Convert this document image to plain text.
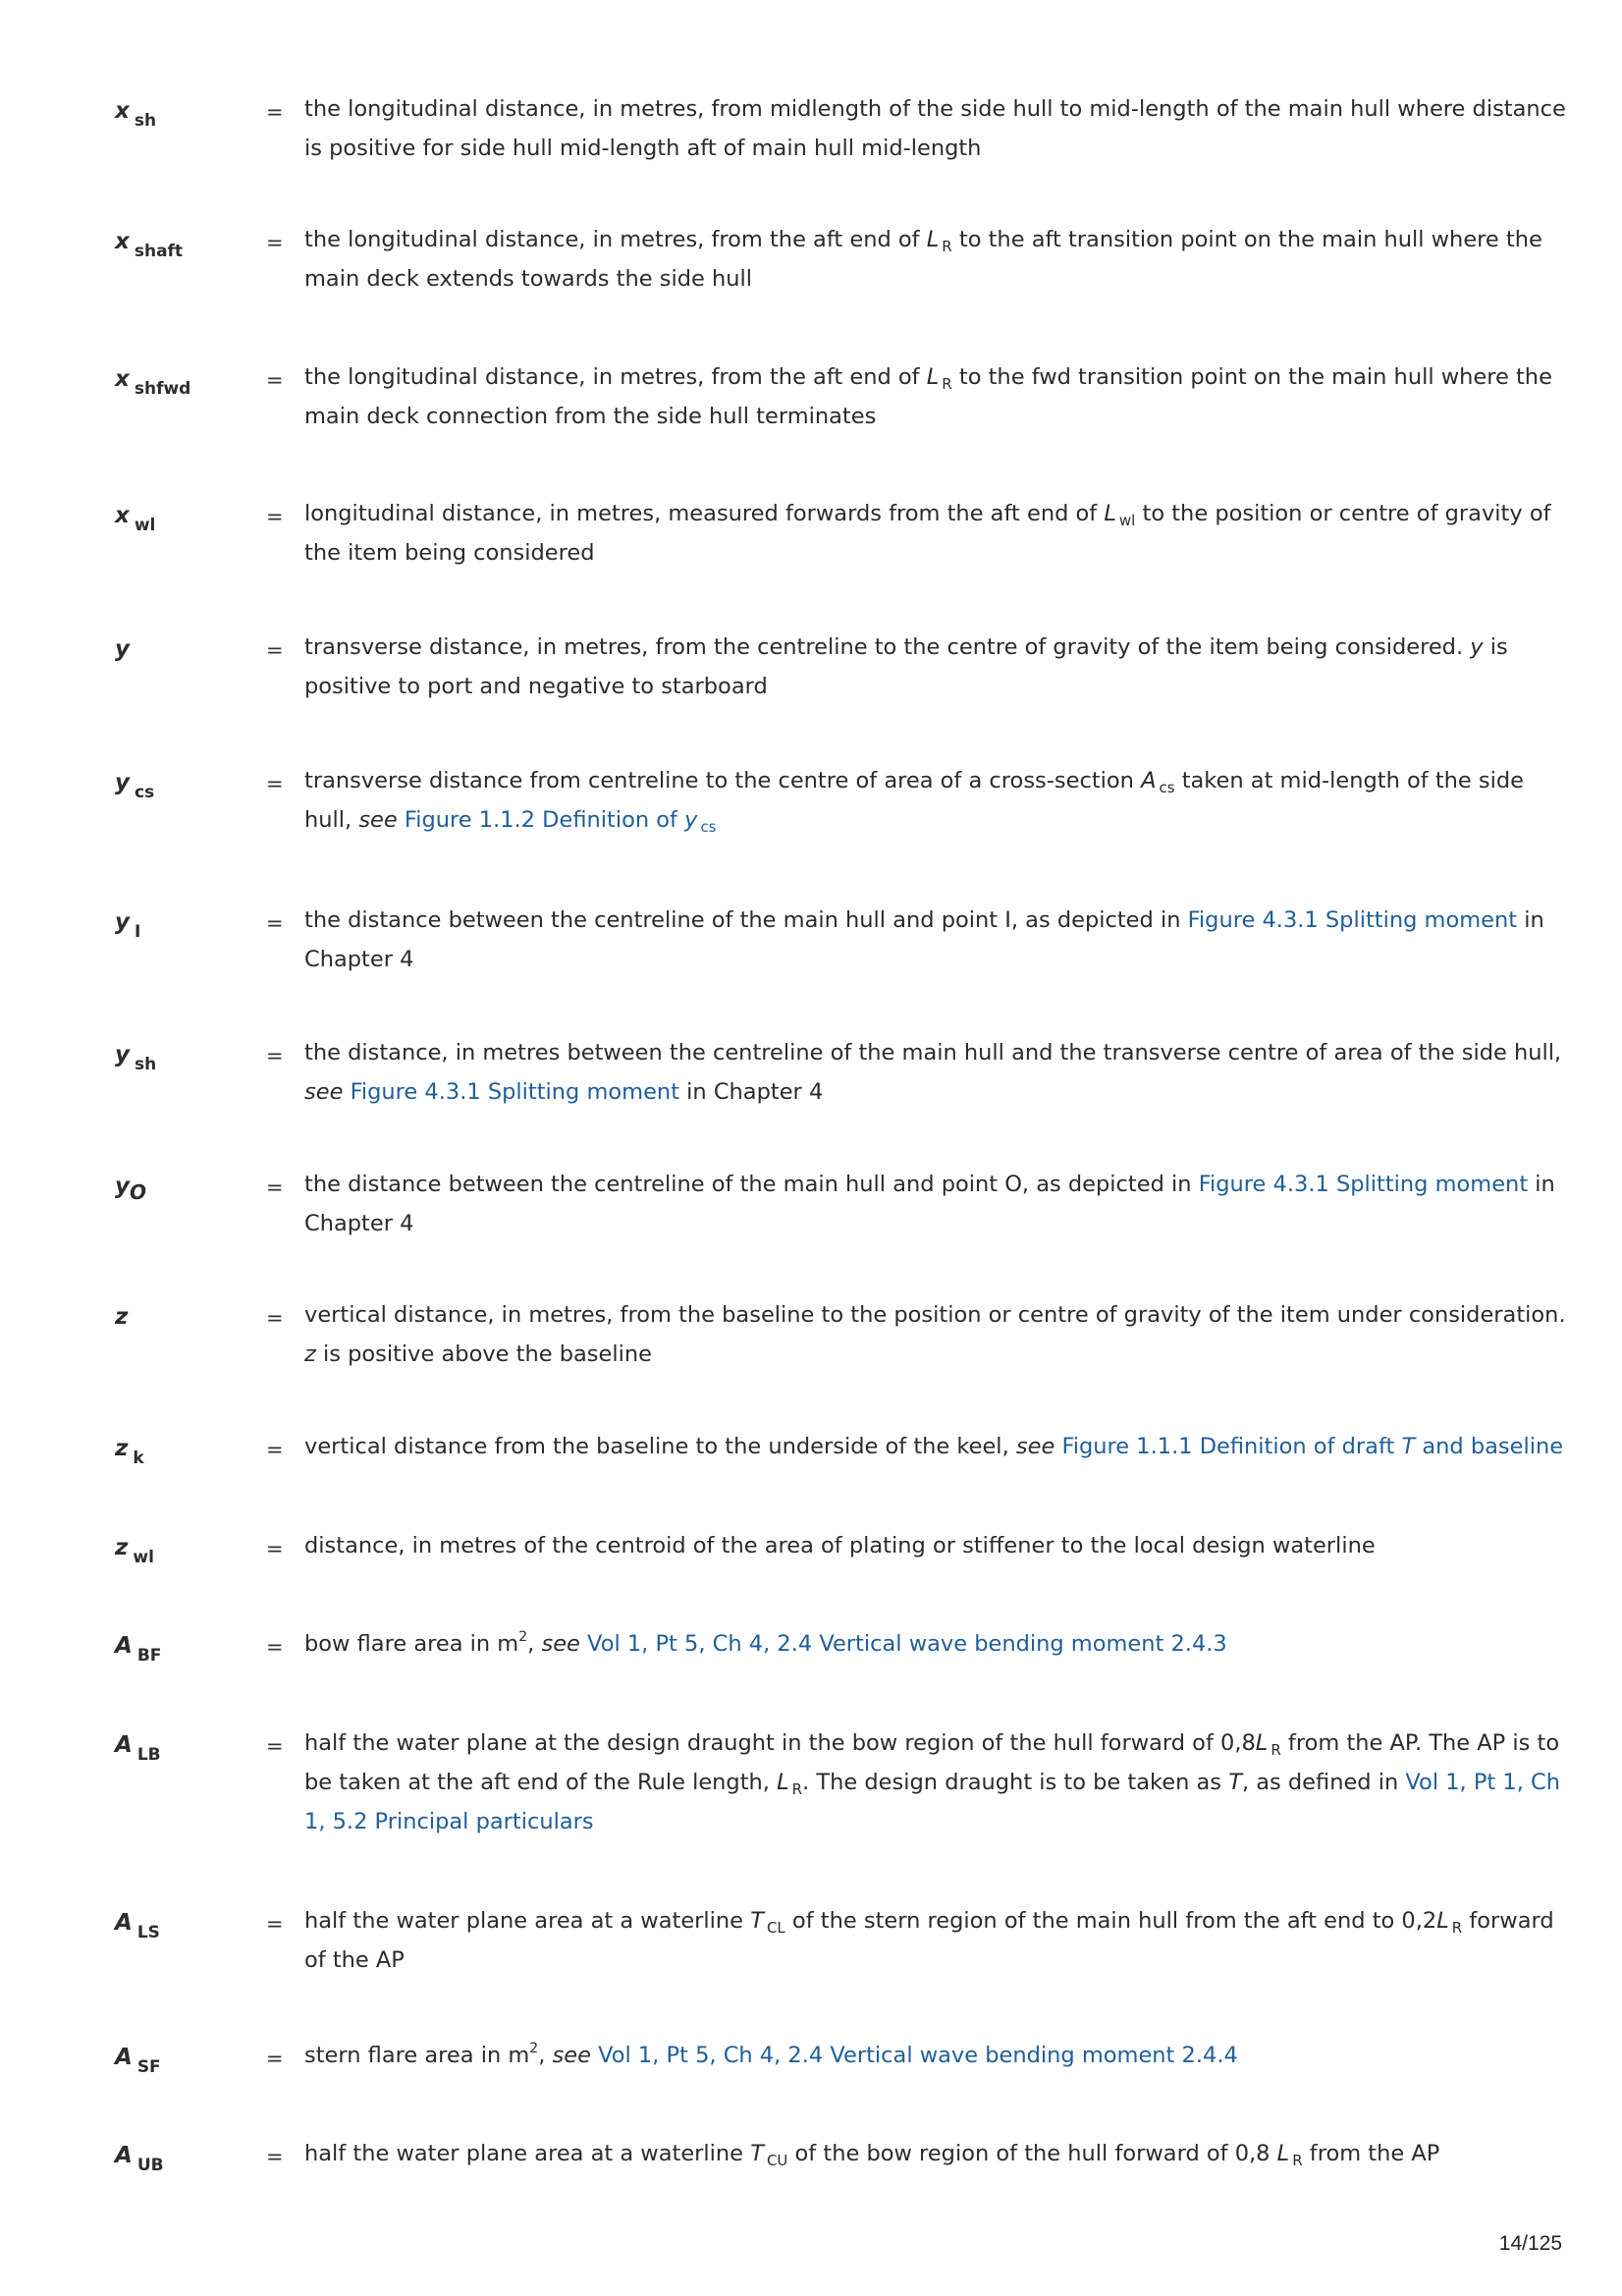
x $_{sh}$	= the longitudinal distance, in metres, from midlength of the side hull to mid-length of the main hull where distance is positive for side hull mid-length aft of main hull mid-length
x $_{shaft}$	= the longitudinal distance, in metres, from the aft end of L $_R$ to the aft transition point on the main hull where the main deck extends towards the side hull
x $_{shfwd}$	= the longitudinal distance, in metres, from the aft end of L $_R$ to the fwd transition point on the main hull where the main deck connection from the side hull terminates
x $_{wl}$	= longitudinal distance, in metres, measured forwards from the aft end of L $_{wl}$ to the position or centre of gravity of the item being considered
y	= transverse distance, in metres, from the centreline to the centre of gravity of the item being considered. y is positive to port and negative to starboard
y $_{cs}$	= transverse distance from centreline to the centre of area of a cross-section A $_{cs}$ taken at mid-length of the side hull, see Figure 1.1.2 Definition of y $_{cs}$
y $_I$	= the distance between the centreline of the main hull and point I, as depicted in Figure 4.3.1 Splitting moment in Chapter 4
y $_{sh}$	= the distance, in metres between the centreline of the main hull and the transverse centre of area of the side hull, see Figure 4.3.1 Splitting moment in Chapter 4
yO	= the distance between the centreline of the main hull and point O, as depicted in Figure 4.3.1 Splitting moment in Chapter 4
z	= vertical distance, in metres, from the baseline to the position or centre of gravity of the item under consideration. z is positive above the baseline
z $_k$	= vertical distance from the baseline to the underside of the keel, see Figure 1.1.1 Definition of draft T and baseline
z $_{wl}$	= distance, in metres of the centroid of the area of plating or stiffener to the local design waterline
A $_{BF}$	= bow flare area in $m^2$, see Vol 1, Pt 5, Ch 4, 2.4 Vertical wave bending moment 2.4.3
A $_{LB}$	= half the water plane at the design draught in the bow region of the hull forward of 0,8L $_R$ from the AP. The AP is to be taken at the aft end of the Rule length, L $_R$. The design draught is to be taken as T, as defined in Vol 1, Pt 1, Ch 1, 5.2 Principal particulars
A $_{LS}$	= half the water plane area at a waterline T $_{CL}$ of the stern region of the main hull from the aft end to 0,2L $_R$ forward of the AP
A $_{SF}$	= stern flare area in $m^2$, see Vol 1, Pt 5, Ch 4, 2.4 Vertical wave bending moment 2.4.4
A $_{UB}$	= half the water plane area at a waterline T $_{CU}$ of the bow region of the hull forward of 0,8 L $_R$ from the AP
14/125
